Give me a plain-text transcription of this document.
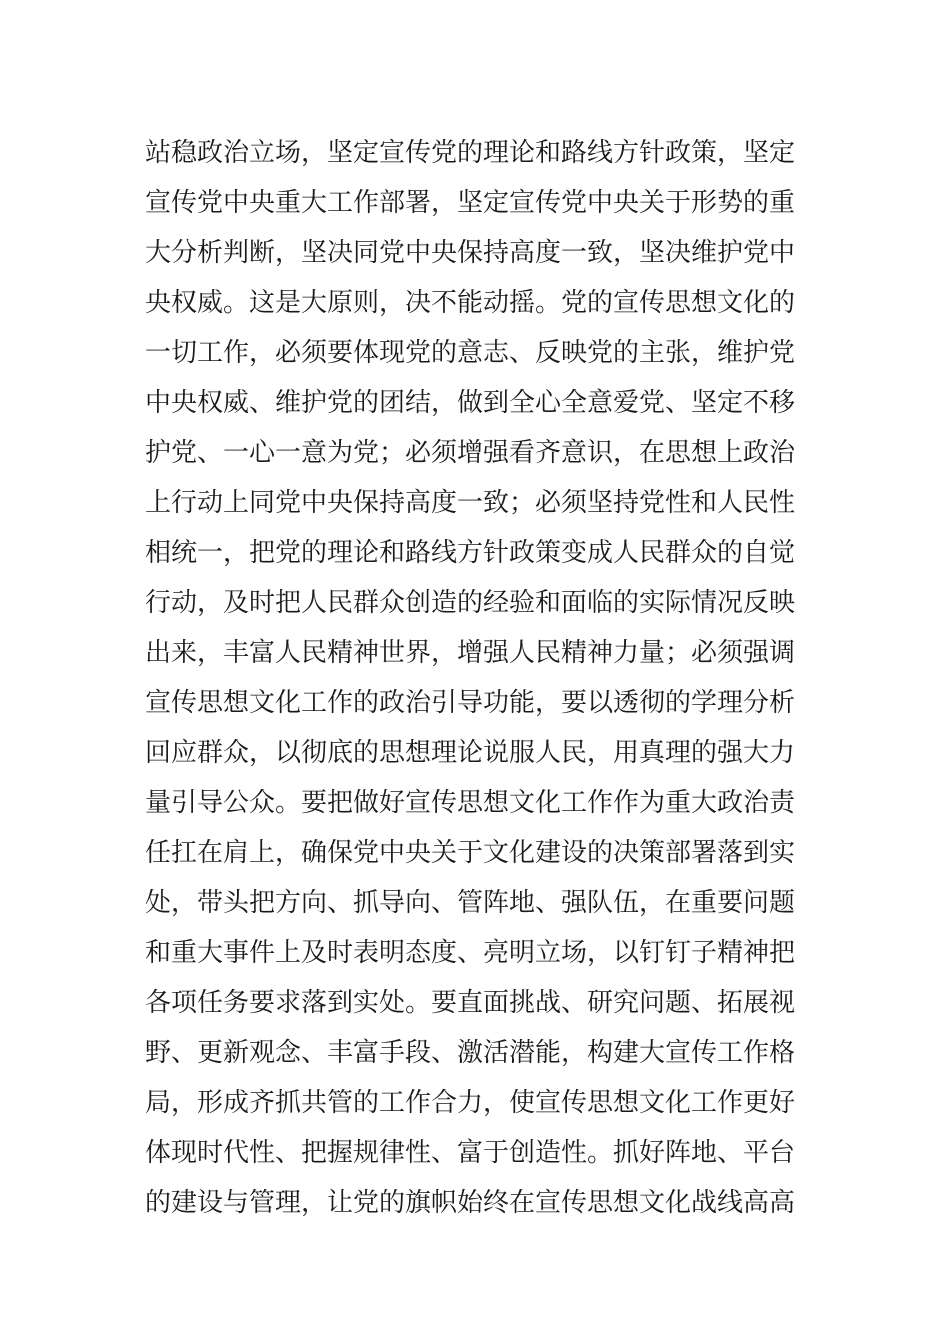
站稳政治立场，坚定宣传党的理论和路线方针政策，坚定
宣传党中央重大工作部署，坚定宣传党中央关于形势的重
大分析判断，坚决同党中央保持高度一致，坚决维护党中
央权威。这是大原则，决不能动摇。党的宣传思想文化的
一切工作，必须要体现党的意志、反映党的主张，维护党
中央权威、维护党的团结，做到全心全意爱党、坚定不移
护党、一心一意为党；必须增强看齐意识，在思想上政治
上行动上同党中央保持高度一致；必须坚持党性和人民性
相统一，把党的理论和路线方针政策变成人民群众的自觉
行动，及时把人民群众创造的经验和面临的实际情况反映
出来，丰富人民精神世界，增强人民精神力量；必须强调
宣传思想文化工作的政治引导功能，要以透彻的学理分析
回应群众，以彻底的思想理论说服人民，用真理的强大力
量引导公众。要把做好宣传思想文化工作作为重大政治责
任扛在肩上，确保党中央关于文化建设的决策部署落到实
处，带头把方向、抓导向、管阵地、强队伍，在重要问题
和重大事件上及时表明态度、亮明立场，以钉钉子精神把
各项任务要求落到实处。要直面挑战、研究问题、拓展视
野、更新观念、丰富手段、激活潜能，构建大宣传工作格
局，形成齐抓共管的工作合力，使宣传思想文化工作更好
体现时代性、把握规律性、富于创造性。抓好阵地、平台
的建设与管理，让党的旗帜始终在宣传思想文化战线高高
